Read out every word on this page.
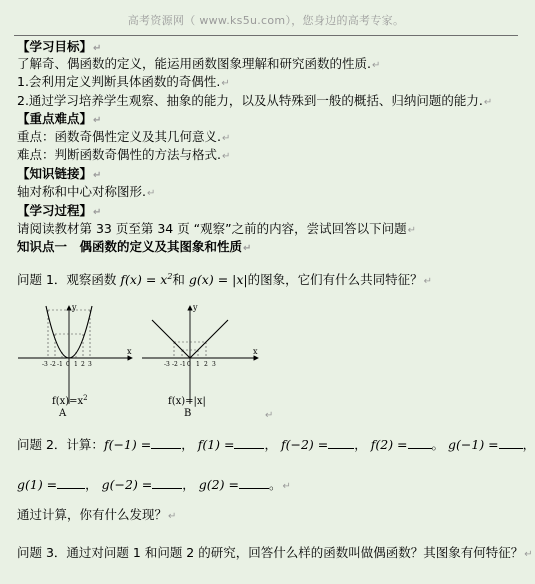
高考资源网（ www.ks5u.com），您身边的高考专家。
【学习目标】↵
了解奇、偶函数的定义，能运用函数图象理解和研究函数的性质.↵
1.会利用定义判断具体函数的奇偶性.↵
2.通过学习培养学生观察、抽象的能力，以及从特殊到一般的概括、归纳问题的能力.↵
【重点难点】↵
重点：函数奇偶性定义及其几何意义.↵
难点：判断函数奇偶性的方法与格式.↵
【知识链接】↵
轴对称和中心对称图形.↵
【学习过程】↵
请阅读教材第 33 页至第 34 页 “观察”之前的内容，尝试回答以下问题↵
知识点一　偶函数的定义及其图象和性质↵
问题 1．观察函数 $f(x) = x^2$和 g(x) = |x|的图象，它们有什么共同特征？↵
x
y
-3 -2 -1 0 1 2 3
$f(x)=x^2$
A
x
y
-3 -2 -1 0 1 2 3
f(x)=|x|
B	↵
问题 2．计算：f(−1) = ， f(1) = ， f(−2) = ， f(2) = 。 g(−1) = ，
g(1) = ， g(−2) = ， g(2) = 。↵
通过计算，你有什么发现？↵
问题 3．通过对问题 1 和问题 2 的研究，回答什么样的函数叫做偶函数？其图象有何特征？↵
